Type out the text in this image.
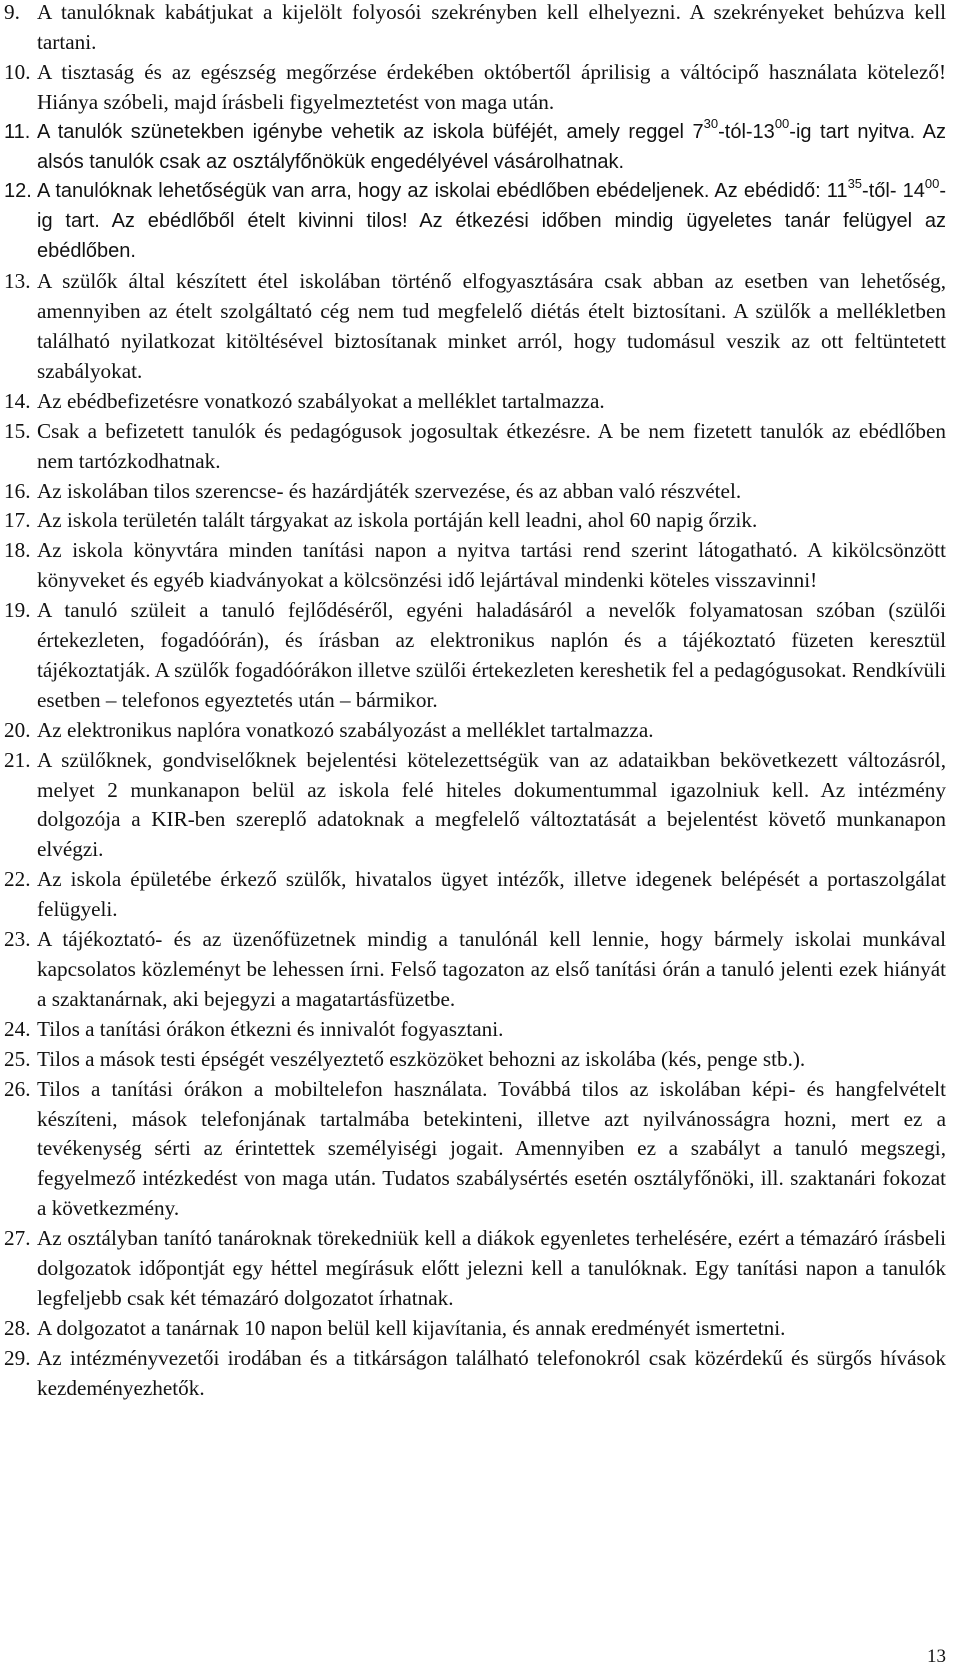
9. A tanulóknak kabátjukat a kijelölt folyosói szekrényben kell elhelyezni. A szekrényeket behúzva kell tartani.
10. A tisztaság és az egészség megőrzése érdekében októbertől áprilisig a váltócipő használata kötelező! Hiánya szóbeli, majd írásbeli figyelmeztetést von maga után.
11. A tanulók szünetekben igénybe vehetik az iskola büféjét, amely reggel $7^{30}-tól-13^{00}-ig$ tart nyitva. Az alsós tanulók csak az osztályfőnökük engedélyével vásárolhatnak.
12. A tanulóknak lehetőségük van arra, hogy az iskolai ebédlőben ebédeljenek. Az ebédidő: $11^{35}-től-$ $14^{00}-ig$ tart. Az ebédlőből ételt kivinni tilos! Az étkezési időben mindig ügyeletes tanár felügyel az ebédlőben.
13. A szülők által készített étel iskolában történő elfogyasztására csak abban az esetben van lehetőség, amennyiben az ételt szolgáltató cég nem tud megfelelő diétás ételt biztosítani. A szülők a mellékletben található nyilatkozat kitöltésével biztosítanak minket arról, hogy tudomásul veszik az ott feltüntetett szabályokat.
14. Az ebédbefizetésre vonatkozó szabályokat a melléklet tartalmazza.
15. Csak a befizetett tanulók és pedagógusok jogosultak étkezésre. A be nem fizetett tanulók az ebédlőben nem tartózkodhatnak.
16. Az iskolában tilos szerencse- és hazárdjáték szervezése, és az abban való részvétel.
17. Az iskola területén talált tárgyakat az iskola portáján kell leadni, ahol 60 napig őrzik.
18. Az iskola könyvtára minden tanítási napon a nyitva tartási rend szerint látogatható. A kikölcsönzött könyveket és egyéb kiadványokat a kölcsönzési idő lejártával mindenki köteles visszavinni!
19. A tanuló szüleit a tanuló fejlődéséről, egyéni haladásáról a nevelők folyamatosan szóban (szülői értekezleten, fogadóórán), és írásban az elektronikus naplón és a tájékoztató füzeten keresztül tájékoztatják. A szülők fogadóórákon illetve szülői értekezleten kereshetik fel a pedagógusokat. Rendkívüli esetben – telefonos egyeztetés után – bármikor.
20. Az elektronikus naplóra vonatkozó szabályozást a melléklet tartalmazza.
21. A szülőknek, gondviselőknek bejelentési kötelezettségük van az adataikban bekövetkezett változásról, melyet 2 munkanapon belül az iskola felé hiteles dokumentummal igazolniuk kell. Az intézmény dolgozója a KIR-ben szereplő adatoknak a megfelelő változtatását a bejelentést követő munkanapon elvégzi.
22. Az iskola épületébe érkező szülők, hivatalos ügyet intézők, illetve idegenek belépését a portaszolgálat felügyeli.
23. A tájékoztató- és az üzenőfüzetnek mindig a tanulónál kell lennie, hogy bármely iskolai munkával kapcsolatos közleményt be lehessen írni. Felső tagozaton az első tanítási órán a tanuló jelenti ezek hiányát a szaktanárnak, aki bejegyzi a magatartásfüzetbe.
24. Tilos a tanítási órákon étkezni és innivalót fogyasztani.
25. Tilos a mások testi épségét veszélyeztető eszközöket behozni az iskolába (kés, penge stb.).
26. Tilos a tanítási órákon a mobiltelefon használata. Továbbá tilos az iskolában képi- és hangfelvételt készíteni, mások telefonjának tartalmába betekinteni, illetve azt nyilvánosságra hozni, mert ez a tevékenység sérti az érintettek személyiségi jogait. Amennyiben ez a szabályt a tanuló megszegi, fegyelmező intézkedést von maga után. Tudatos szabálysértés esetén osztályfőnöki, ill. szaktanári fokozat a következmény.
27. Az osztályban tanító tanároknak törekedniük kell a diákok egyenletes terhelésére, ezért a témazáró írásbeli dolgozatok időpontját egy héttel megírásuk előtt jelezni kell a tanulóknak. Egy tanítási napon a tanulók legfeljebb csak két témazáró dolgozatot írhatnak.
28. A dolgozatot a tanárnak 10 napon belül kell kijavítania, és annak eredményét ismertetni.
29. Az intézményvezetői irodában és a titkárságon található telefonokról csak közérdekű és sürgős hívások kezdeményezhetők.
13
